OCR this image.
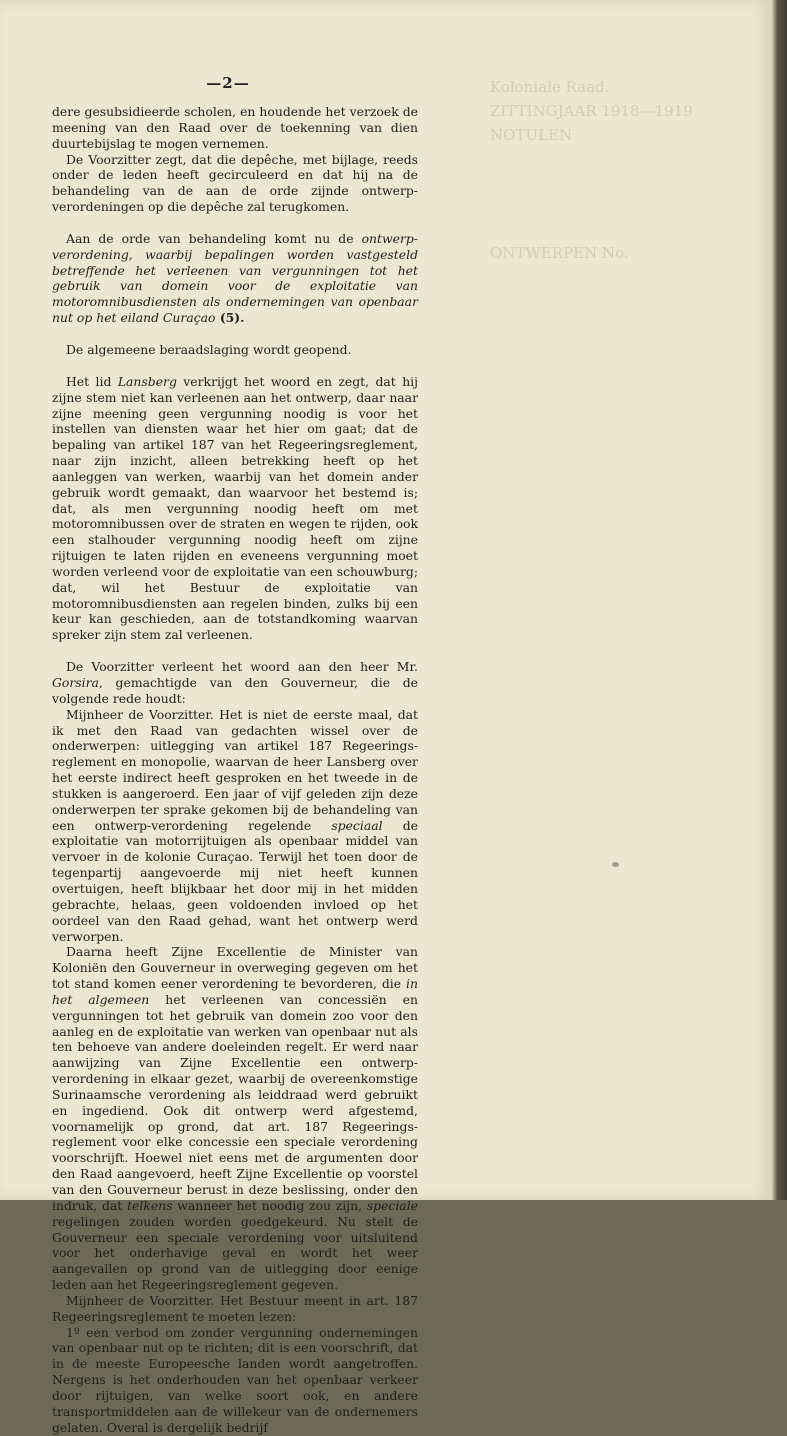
Koloniale Raad.
ZITTINGJAAR 1918—1919
NOTULEN
ONTWERPEN No.
—2—

dere gesubsidieerde scholen, en houdende het verzoek de meening van den Raad over de toekenning van dien duurtebijslag te mogen vernemen.

De Voorzitter zegt, dat die depêche, met bijlage, reeds onder de leden heeft gecirculeerd en dat hij na de behandeling van de aan de orde zijnde ontwerp-verordeningen op die depêche zal terugkomen.

Aan de orde van behandeling komt nu de ontwerp-verordening, waarbij bepalingen worden vastgesteld betreffende het verleenen van vergunningen tot het gebruik van domein voor de exploitatie van motoromnibusdiensten als ondernemingen van openbaar nut op het eiland Curaçao (5).

De algemeene beraadslaging wordt geopend.

Het lid Lansberg verkrijgt het woord en zegt, dat hij zijne stem niet kan verleenen aan het ontwerp, daar naar zijne meening geen vergunning noodig is voor het instellen van diensten waar het hier om gaat; dat de bepaling van artikel 187 van het Regeeringsreglement, naar zijn inzicht, alleen betrekking heeft op het aanleggen van werken, waarbij van het domein ander gebruik wordt gemaakt, dan waarvoor het bestemd is; dat, als men vergunning noodig heeft om met motoromnibussen over de straten en wegen te rijden, ook een stalhouder vergunning noodig heeft om zijne rijtuigen te laten rijden en eveneens vergunning moet worden verleend voor de exploitatie van een schouwburg; dat, wil het Bestuur de exploitatie van motoromnibusdiensten aan regelen binden, zulks bij een keur kan geschieden, aan de totstandkoming waarvan spreker zijn stem zal verleenen.

De Voorzitter verleent het woord aan den heer Mr. Gorsira, gemachtigde van den Gouverneur, die de volgende rede houdt:

Mijnheer de Voorzitter. Het is niet de eerste maal, dat ik met den Raad van gedachten wissel over de onderwerpen: uitlegging van artikel 187 Regeerings-reglement en monopolie, waarvan de heer Lansberg over het eerste indirect heeft gesproken en het tweede in de stukken is aangeroerd. Een jaar of vijf geleden zijn deze onderwerpen ter sprake gekomen bij de behandeling van een ontwerp-verordening regelende speciaal de exploitatie van motorrijtuigen als openbaar middel van vervoer in de kolonie Curaçao. Terwijl het toen door de tegenpartij aangevoerde mij niet heeft kunnen overtuigen, heeft blijkbaar het door mij in het midden gebrachte, helaas, geen voldoenden invloed op het oordeel van den Raad gehad, want het ontwerp werd verworpen.

Daarna heeft Zijne Excellentie de Minister van Koloniën den Gouverneur in overweging gegeven om het tot stand komen eener verordening te bevorderen, die in het algemeen het verleenen van concessiën en vergunningen tot het gebruik van domein zoo voor den aanleg en de exploitatie van werken van openbaar nut als ten behoeve van andere doeleinden regelt. Er werd naar aanwijzing van Zijne Excellentie een ontwerp-verordening in elkaar gezet, waarbij de overeenkomstige Surinaamsche verordening als leiddraad werd gebruikt en ingediend. Ook dit ontwerp werd afgestemd, voornamelijk op grond, dat art. 187 Regeerings-reglement voor elke concessie een speciale verordening voorschrijft. Hoewel niet eens met de argumenten door den Raad aangevoerd, heeft Zijne Excellentie op voorstel van den Gouverneur berust in deze beslissing, onder den indruk, dat telkens wanneer het noodig zou zijn, speciale regelingen zouden worden goedgekeurd. Nu stelt de Gouverneur een speciale verordening voor uitsluitend voor het onderhavige geval en wordt het weer aangevallen op grond van de uitlegging door eenige leden aan het Regeeringsreglement gegeven.

Mijnheer de Voorzitter. Het Bestuur meent in art. 187 Regeeringsreglement te moeten lezen:

1º een verbod om zonder vergunning ondernemingen van openbaar nut op te richten; dit is een voorschrift, dat in de meeste Europeesche landen wordt aangetroffen. Nergens is het onderhouden van het openbaar verkeer door rijtuigen, van welke soort ook, en andere transportmiddelen aan de willekeur van de ondernemers gelaten. Overal is dergelijk bedrijf
